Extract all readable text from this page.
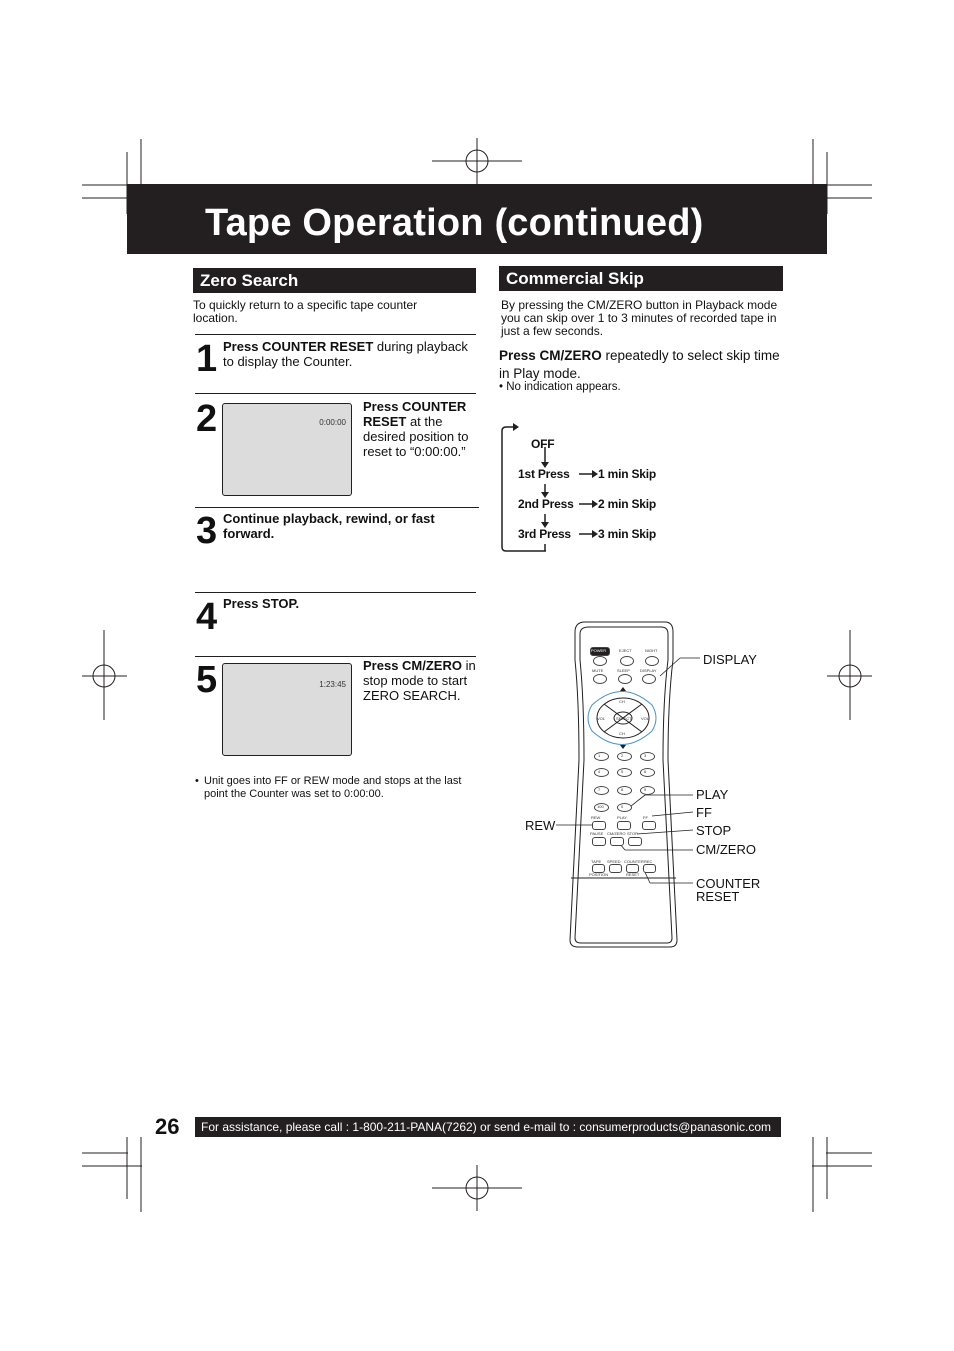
Tape Operation (continued)
Zero Search
To quickly return to a specific tape counter location.
1 Press COUNTER RESET during playback to display the Counter.
2	0:00:00
Press COUNTER RESET at the desired position to reset to “0:00:00.”
3 Continue playback, rewind, or fast forward.
4 Press STOP.
5	1:23:45
Press CM/ZERO in stop mode to start ZERO SEARCH.
• Unit goes into FF or REW mode and stops at the last point the Counter was set to 0:00:00.
Commercial Skip
By pressing the CM/ZERO button in Playback mode you can skip over 1 to 3 minutes of recorded tape in just a few seconds.
Press CM/ZERO repeatedly to select skip time in Play mode.
• No indication appears.
OFF
1st Press 1 min Skip
2nd Press 2 min Skip
3rd Press 3 min Skip
POWER	EJECT	NIGHT
MUTE	SLEEP	DISPLAY
CH
CH
VOL	VOL
SELECT
1	2	3
4	5	6
7	8	9
100	0
REW	PLAY	FF
PAUSE CM/ZERO STOP
TAPE SPEED COUNTER REC
POSITION	RESET
DISPLAY
PLAY
FF
STOP
CM/ZERO
COUNTER
RESET
REW
26	For assistance, please call : 1-800-211-PANA(7262) or send e-mail to : consumerproducts@panasonic.com
